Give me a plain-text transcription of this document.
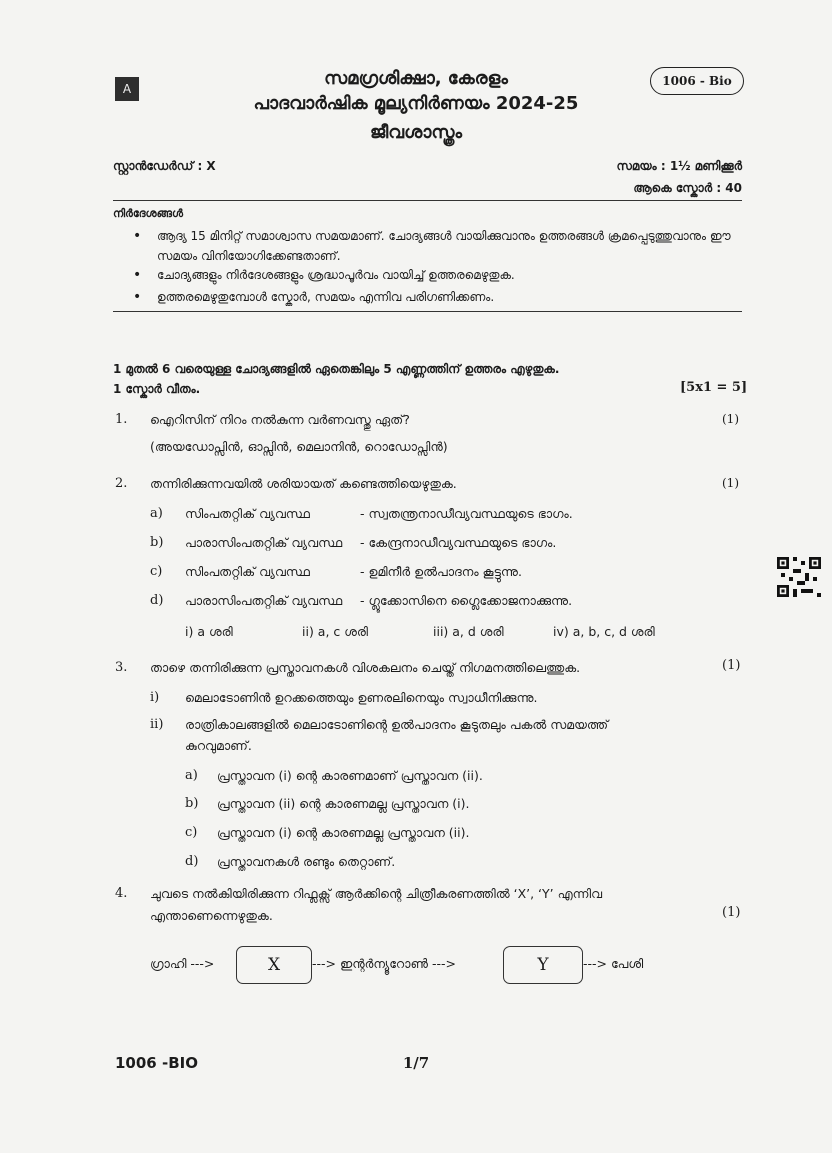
A
1006 - Bio
സമഗ്രശിക്ഷാ, കേരളം
പാദവാർഷിക മൂല്യനിർണയം 2024-25
ജീവശാസ്ത്രം
സ്റ്റാൻഡേർഡ് : X	സമയം : 1½ മണിക്കൂർ
ആകെ സ്കോർ : 40
നിർദേശങ്ങൾ
• ആദ്യ 15 മിനിറ്റ് സമാശ്വാസ സമയമാണ്. ചോദ്യങ്ങൾ വായിക്കുവാനും ഉത്തരങ്ങൾ ക്രമപ്പെടുത്തുവാനും ഈ സമയം വിനിയോഗിക്കേണ്ടതാണ്.
• ചോദ്യങ്ങളും നിർദേശങ്ങളും ശ്രദ്ധാപൂർവം വായിച്ച് ഉത്തരമെഴുതുക.
• ഉത്തരമെഴുതുമ്പോൾ സ്കോർ, സമയം എന്നിവ പരിഗണിക്കണം.
1 മുതൽ 6 വരെയുള്ള ചോദ്യങ്ങളിൽ ഏതെങ്കിലും 5 എണ്ണത്തിന് ഉത്തരം എഴുതുക.
1 സ്കോർ വീതം.	[5x1 = 5]
1. ഐറിസിന് നിറം നൽകുന്ന വർണവസ്തു ഏത്?	(1)
(അയഡോപ്സിൻ, ഓപ്സിൻ, മെലാനിൻ, റൊഡോപ്സിൻ)
2. തന്നിരിക്കുന്നവയിൽ ശരിയായത് കണ്ടെത്തിയെഴുതുക.	(1)
a) സിംപതറ്റിക് വ്യവസ്ഥ	- സ്വതന്ത്രനാഡീവ്യവസ്ഥയുടെ ഭാഗം.
b) പാരാസിംപതറ്റിക് വ്യവസ്ഥ - കേന്ദ്രനാഡീവ്യവസ്ഥയുടെ ഭാഗം.
c) സിംപതറ്റിക് വ്യവസ്ഥ	- ഉമിനീർ ഉൽപാദനം കൂട്ടുന്നു.
d) പാരാസിംപതറ്റിക് വ്യവസ്ഥ - ഗ്ലൂക്കോസിനെ ഗ്ലൈക്കോജനാക്കുന്നു.
i) a ശരി	ii) a, c ശരി	iii) a, d ശരി	iv) a, b, c, d ശരി
3. താഴെ തന്നിരിക്കുന്ന പ്രസ്താവനകൾ വിശകലനം ചെയ്ത് നിഗമനത്തിലെത്തുക.	(1)
i) മെലാടോണിൻ ഉറക്കത്തെയും ഉണരലിനെയും സ്വാധീനിക്കുന്നു.
ii) രാത്രികാലങ്ങളിൽ മെലാടോണിന്റെ ഉൽപാദനം കൂടുതലും പകൽ സമയത്ത്
കുറവുമാണ്.
a) പ്രസ്താവന (i) ന്റെ കാരണമാണ് പ്രസ്താവന (ii).
b) പ്രസ്താവന (ii) ന്റെ കാരണമല്ല പ്രസ്താവന (i).
c) പ്രസ്താവന (i) ന്റെ കാരണമല്ല പ്രസ്താവന (ii).
d) പ്രസ്താവനകൾ രണ്ടും തെറ്റാണ്.
4. ചുവടെ നൽകിയിരിക്കുന്ന റിഫ്ലക്സ് ആർക്കിന്റെ ചിത്രീകരണത്തിൽ ‘X’, ‘Y’ എന്നിവ
എന്താണെന്നെഴുതുക.	(1)
ഗ്രാഹി --->	X	---> ഇന്റർന്യൂറോൺ --->	Y	---> പേശി
1006 -BIO	1/7
